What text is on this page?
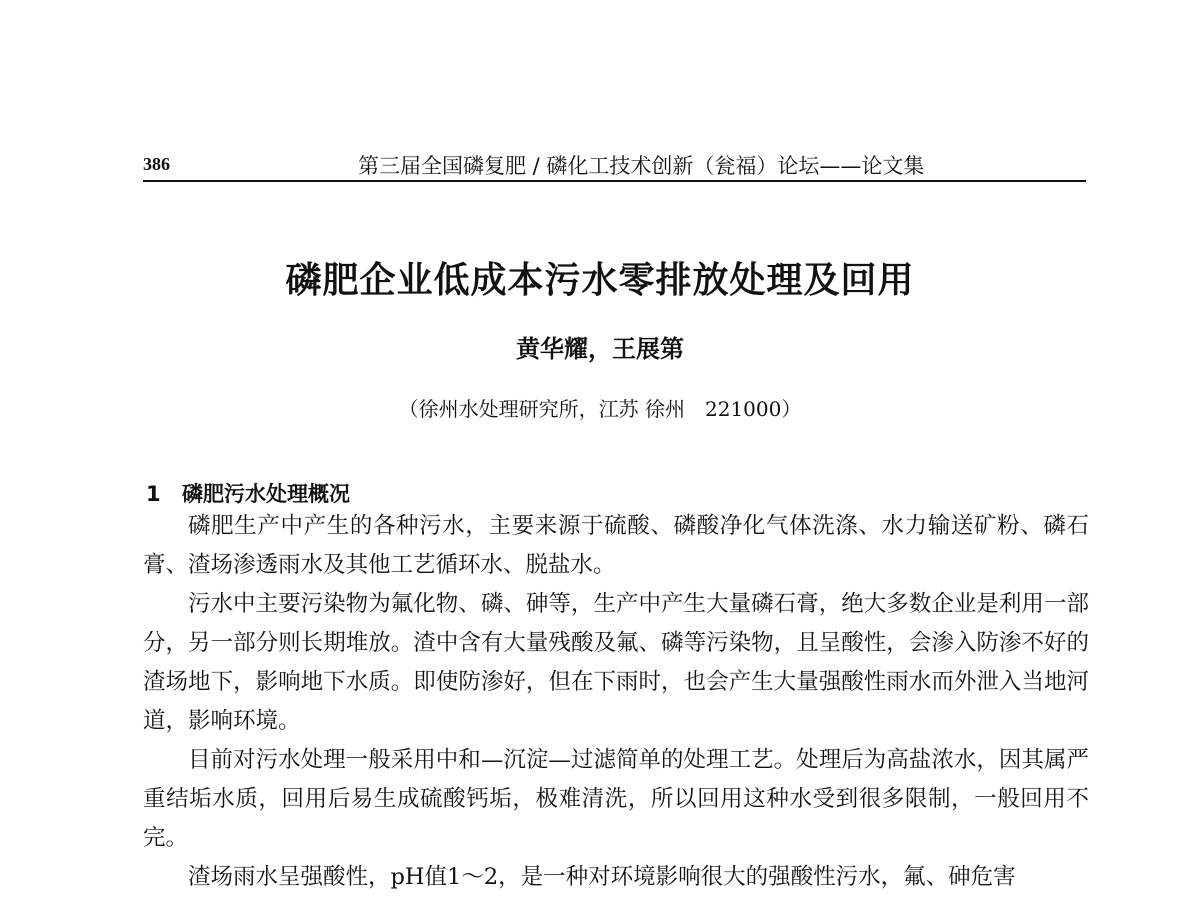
386	第三届全国磷复肥 / 磷化工技术创新（瓮福）论坛——论文集
磷肥企业低成本污水零排放处理及回用
黄华耀，王展第
（徐州水处理研究所，江苏 徐州　221000）
1 磷肥污水处理概况

磷肥生产中产生的各种污水，主要来源于硫酸、磷酸净化气体洗涤、水力输送矿粉、磷石膏、渣场渗透雨水及其他工艺循环水、脱盐水。

污水中主要污染物为氟化物、磷、砷等，生产中产生大量磷石膏，绝大多数企业是利用一部分，另一部分则长期堆放。渣中含有大量残酸及氟、磷等污染物，且呈酸性，会渗入防渗不好的渣场地下，影响地下水质。即使防渗好，但在下雨时，也会产生大量强酸性雨水而外泄入当地河道，影响环境。

目前对污水处理一般采用中和—沉淀—过滤简单的处理工艺。处理后为高盐浓水，因其属严重结垢水质，回用后易生成硫酸钙垢，极难清洗，所以回用这种水受到很多限制，一般回用不完。

渣场雨水呈强酸性，pH值1～2，是一种对环境影响很大的强酸性污水，氟、砷危害
